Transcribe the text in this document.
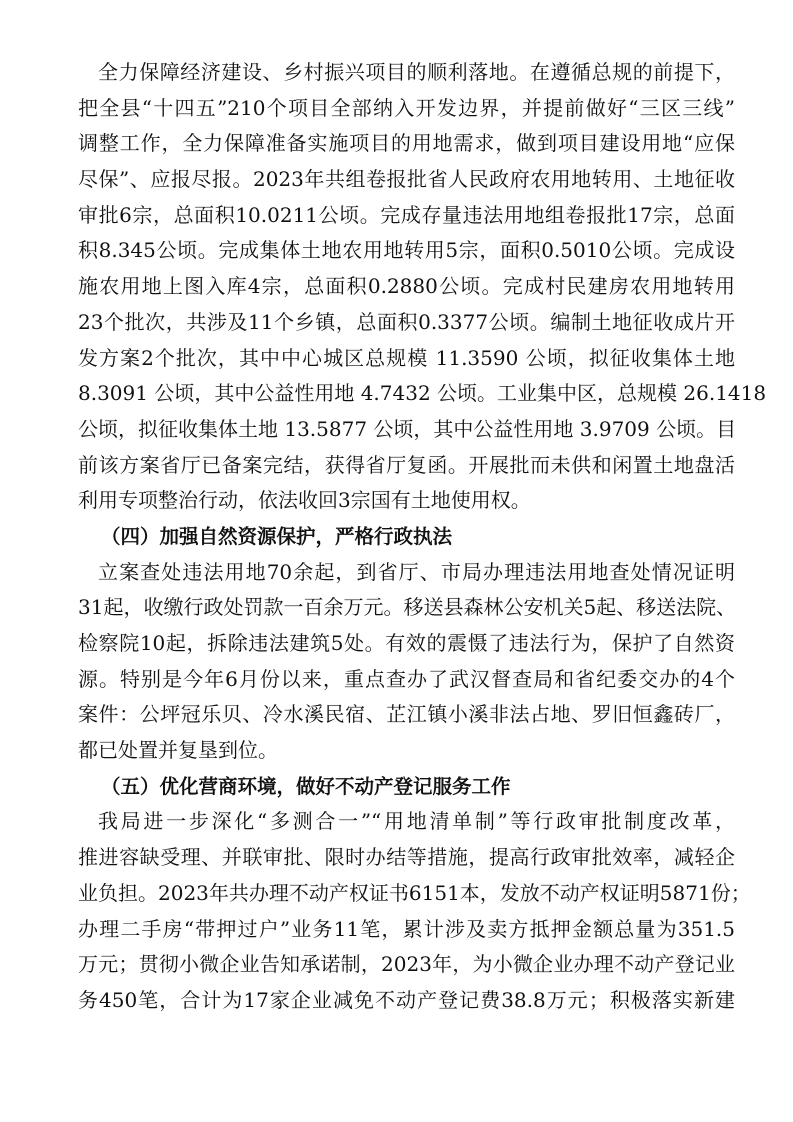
全力保障经济建设、乡村振兴项目的顺利落地。在遵循总规的前提下，
把全县“十四五”210个项目全部纳入开发边界，并提前做好“三区三线”
调整工作，全力保障准备实施项目的用地需求，做到项目建设用地“应保
尽保”、应报尽报。2023年共组卷报批省人民政府农用地转用、土地征收
审批6宗，总面积10.0211公顷。完成存量违法用地组卷报批17宗，总面
积8.345公顷。完成集体土地农用地转用5宗，面积0.5010公顷。完成设
施农用地上图入库4宗，总面积0.2880公顷。完成村民建房农用地转用
23个批次，共涉及11个乡镇，总面积0.3377公顷。编制土地征收成片开
发方案2个批次，其中中心城区总规模 11.3590 公顷，拟征收集体土地
8.3091 公顷，其中公益性用地 4.7432 公顷。工业集中区，总规模 26.1418
公顷，拟征收集体土地 13.5877 公顷，其中公益性用地 3.9709 公顷。目
前该方案省厅已备案完结，获得省厅复函。开展批而未供和闲置土地盘活
利用专项整治行动，依法收回3宗国有土地使用权。
（四）加强自然资源保护，严格行政执法
立案查处违法用地70余起，到省厅、市局办理违法用地查处情况证明
31起，收缴行政处罚款一百余万元。移送县森林公安机关5起、移送法院、
检察院10起，拆除违法建筑5处。有效的震慑了违法行为，保护了自然资
源。特别是今年6月份以来，重点查办了武汉督查局和省纪委交办的4个
案件：公坪冠乐贝、冷水溪民宿、芷江镇小溪非法占地、罗旧恒鑫砖厂，
都已处置并复垦到位。
（五）优化营商环境，做好不动产登记服务工作
我局进一步深化“多测合一”“用地清单制”等行政审批制度改革，
推进容缺受理、并联审批、限时办结等措施，提高行政审批效率，减轻企
业负担。2023年共办理不动产权证书6151本，发放不动产权证明5871份；
办理二手房“带押过户”业务11笔，累计涉及卖方抵押金额总量为351.5
万元；贯彻小微企业告知承诺制，2023年，为小微企业办理不动产登记业
务450笔，合计为17家企业减免不动产登记费38.8万元；积极落实新建
